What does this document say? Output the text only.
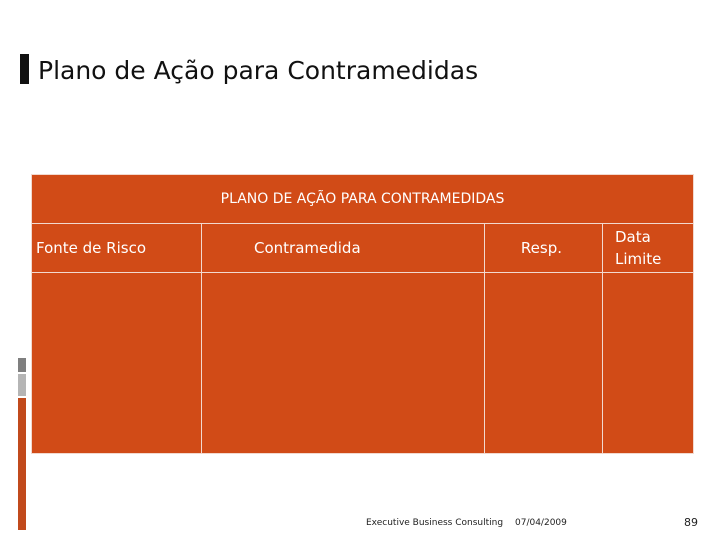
Plano de Ação para Contramedidas
PLANO DE AÇÃO PARA CONTRAMEDIDAS			
Fonte de Risco	Contramedida	Resp.	Data Limite

Executive Business Consulting 07/04/2009	89
